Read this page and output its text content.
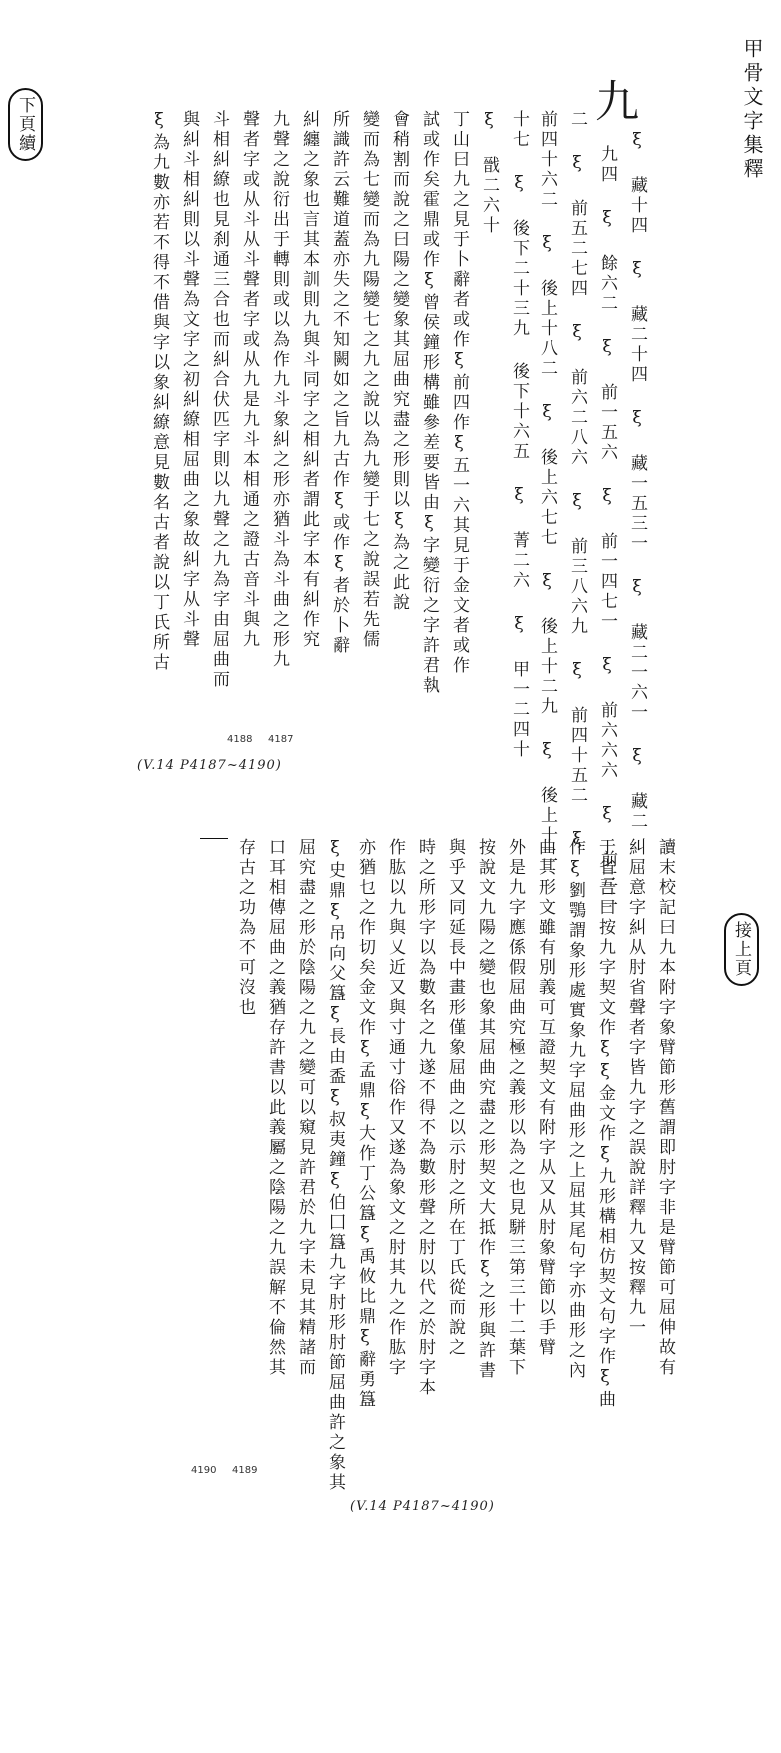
甲骨文字集釋
下頁續	九
ξ 藏十四 ξ 藏二十四 ξ 藏一五三一 ξ 藏二一六一 ξ 藏二
九四 ξ 餘六二 ξ 前一五六 ξ 前一四七一 ξ 前六六六 ξ 前三二
二 ξ 前五二七四 ξ 前六二八六 ξ 前三八六九 ξ 前四十五二 ξ
前四十六二 ξ 後上十八二 ξ 後上六七七 ξ 後上十二九 ξ 後上十二
十七 ξ 後下二十三九 後下十六五 ξ 菁二六 ξ 甲一二四十
ξ 戩二六十
丁山曰九之見于卜辭者或作ξ前四作ξ五一六其見于金文者或作
試或作矣霍鼎或作ξ曾侯鐘形構雖參差要皆由ξ字變衍之字許君執
會稍割而說之曰陽之變象其屈曲究盡之形則以ξ為之此說
變而為七變而為九陽變七之九之說以為九變于七之說誤若先儒
所識許云難道蓋亦失之不知闕如之旨九古作ξ或作ξ者於卜辭
糾纏之象也言其本訓則九與斗同字之相糾者謂此字本有糾作究
九聲之說衍出于轉則或以為作九斗象糾之形亦猶斗為斗曲之形九
聲者字或从斗从斗聲者字或从九是九斗本相通之證古音斗與九
斗相糾繚也見刹通三合也而糾合伏匹字則以九聲之九為字由屈曲而
與糾斗相糾則以斗聲為文字之初糾繚相屈曲之象故糾字从斗聲
ξ為九數亦若不得不借與字以象糾繚意見數名古者說以丁氏所古
4188 4187
(V.14 P4187~4190)
接上頁
讀末校記曰九本附字象臂節形舊謂即肘字非是臂節可屈伸故有
糾屈意字糾从肘省聲者字皆九字之誤說詳釋九又按釋九一
于省吾曰按九字契文作ξξ金文作ξ九形構相仿契文句字作ξ曲
作ξ劉鶚謂象形處實象九字屈曲形之上屈其尾句字亦曲形之內
曲其形文雖有別義可互證契文有附字从又从肘象臂節以手臂
外是九字應係假屈曲究極之義形以為之也見駢三第三十二葉下
按說文九陽之變也象其屈曲究盡之形契文大抵作ξ之形與許書
與乎又同延長中畫形僅象屈曲之以示肘之所在丁氏從而說之
時之所形字以為數名之九遂不得不為數形聲之肘以代之於肘字本
作肱以九與乂近又與寸通寸俗作又遂為象文之肘其九之作肱字
亦猶乜之作切矣金文作ξ孟鼎ξ大作丁公簋ξ禹攸比鼎ξ辭勇簋
ξ史鼎ξ吊向父簋ξ長由盉ξ叔夷鐘ξ伯囗簋九字肘形肘節屈曲許之象其
屈究盡之形於陰陽之九之變可以窺見許君於九字未見其精諸而
口耳相傳屈曲之義猶存許書以此義屬之陰陽之九誤解不倫然其
存古之功為不可沒也
4190 4189
(V.14 P4187~4190)
